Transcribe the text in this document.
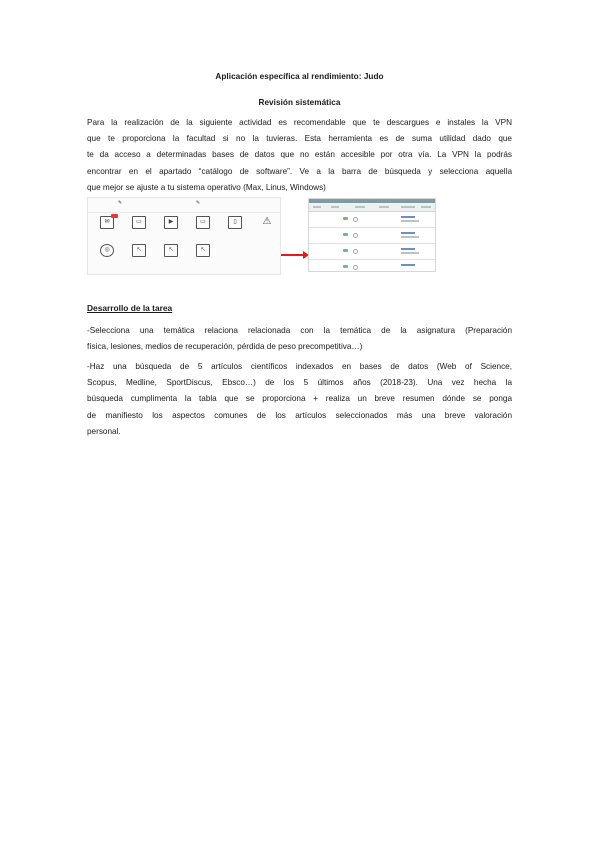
Aplicación específica al rendimiento: Judo
Revisión sistemática
Para la realización de la siguiente actividad es recomendable que te descargues e instales la VPN
que te proporciona la facultad si no la tuvieras. Esta herramienta es de suma utilidad dado que
te da acceso a determinadas bases de datos que no están accesible por otra vía. La VPN la podrás
encontrar en el apartado “catálogo de software”. Ve a la barra de búsqueda y selecciona aquella
que mejor se ajuste a tu sistema operativo (Max, Linus, Windows)
✎	✎
✉	▭	▶	▭	▯	⚠
◎	↖	↖	↖
Desarrollo de la tarea
-Selecciona una temática relaciona relacionada con la temática de la asignatura (Preparación
física, lesiones, medios de recuperación, pérdida de peso precompetitiva…)
-Haz una búsqueda de 5 artículos científicos indexados en bases de datos (Web of Science,
Scopus, Medline, SportDiscus, Ebsco…) de los 5 últimos años (2018-23). Una vez hecha la
búsqueda cumplimenta la tabla que se proporciona + realiza un breve resumen dónde se ponga
de manifiesto los aspectos comunes de los artículos seleccionados más una breve valoración
personal.
